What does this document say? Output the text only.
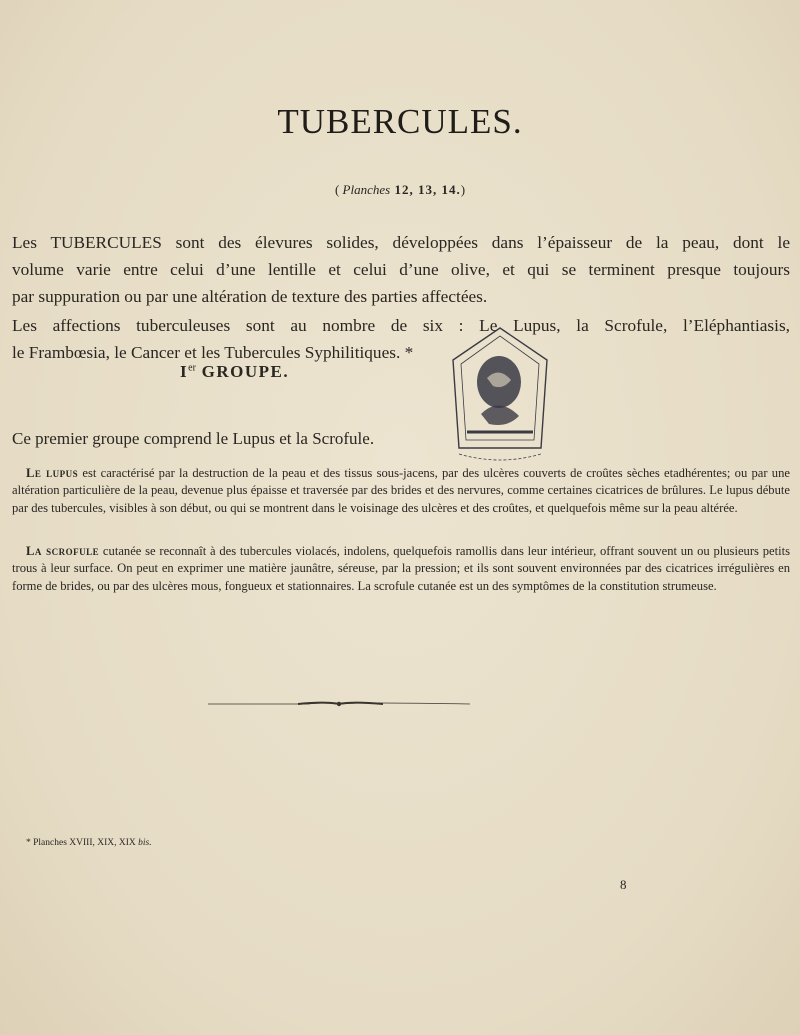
TUBERCULES.
( Planches 12, 13, 14.)
Les TUBERCULES sont des élevures solides, développées dans l’épaisseur de la peau, dont le
volume varie entre celui d’une lentille et celui d’une olive, et qui se terminent presque toujours
par suppuration ou par une altération de texture des parties affectées.
Les affections tuberculeuses sont au nombre de six : Le Lupus, la Scrofule, l’Eléphantiasis,
le Frambœsia, le Cancer et les Tubercules Syphilitiques. *
Ier GROUPE.
Ce premier groupe comprend le Lupus et la Scrofule.
Le lupus est caractérisé par la destruction de la peau et des tissus sous-jacens, par des ulcères couverts de croûtes sèches etadhérentes; ou par une altération particulière de la peau, devenue plus épaisse et traversée par des brides et des nervures, comme certaines cicatrices de brûlures. Le lupus débute par des tubercules, visibles à son début, ou qui se montrent dans le voisinage des ulcères et des croûtes, et quelquefois même sur la peau altérée.
La scrofule cutanée se reconnaît à des tubercules violacés, indolens, quelquefois ramollis dans leur intérieur, offrant souvent un ou plusieurs petits trous à leur surface. On peut en exprimer une matière jaunâtre, séreuse, par la pression; et ils sont souvent environnées par des cicatrices irrégulières en forme de brides, ou par des ulcères mous, fongueux et stationnaires. La scrofule cutanée est un des symptômes de la constitution strumeuse.
* Planches XVIII, XIX, XIX bis.
8
